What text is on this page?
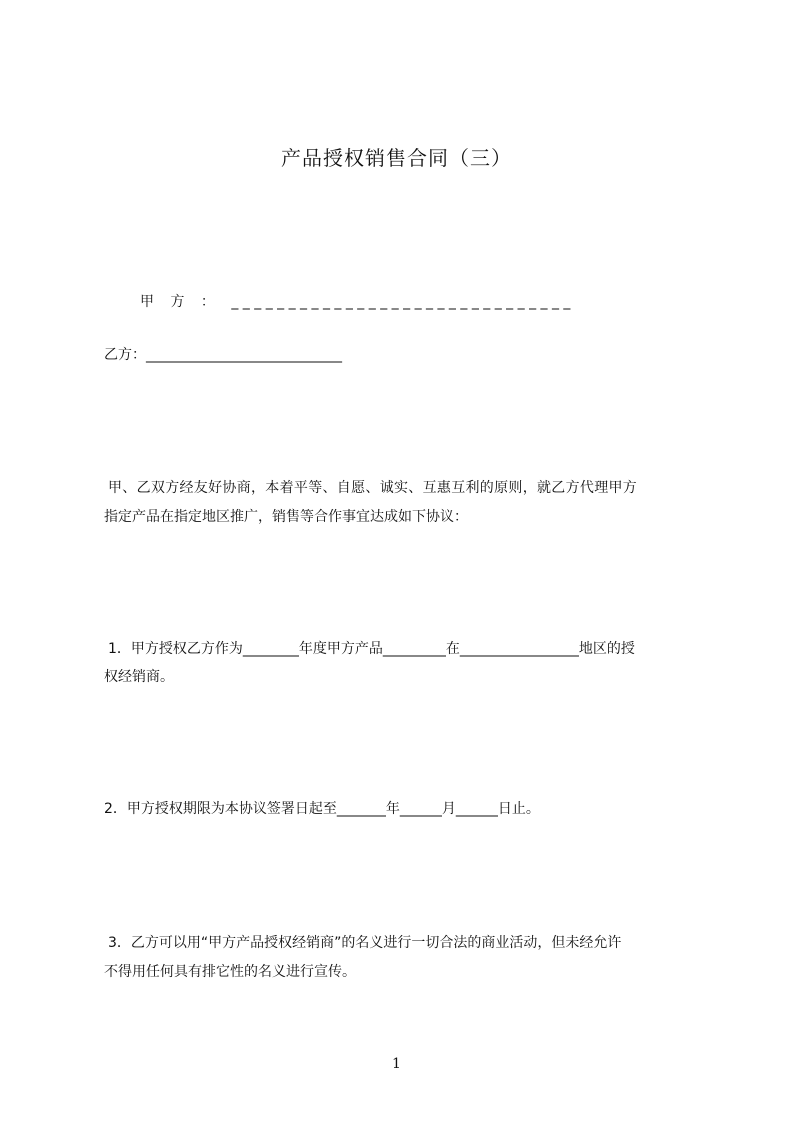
产品授权销售合同（三）
甲 方 ： _ _ _ _ _ _ _ _ _ _ _ _ _ _ _ _ _ _ _ _ _ _ _ _ _ _ _ _ _ _
乙方：____________________________
甲、乙双方经友好协商，本着平等、自愿、诚实、互惠互利的原则，就乙方代理甲方
指定产品在指定地区推广，销售等合作事宜达成如下协议：
1．甲方授权乙方作为________年度甲方产品_________在_________________地区的授
权经销商。
2．甲方授权期限为本协议签署日起至_______年______月______日止。
3．乙方可以用“甲方产品授权经销商”的名义进行一切合法的商业活动，但未经允许
不得用任何具有排它性的名义进行宣传。
1
